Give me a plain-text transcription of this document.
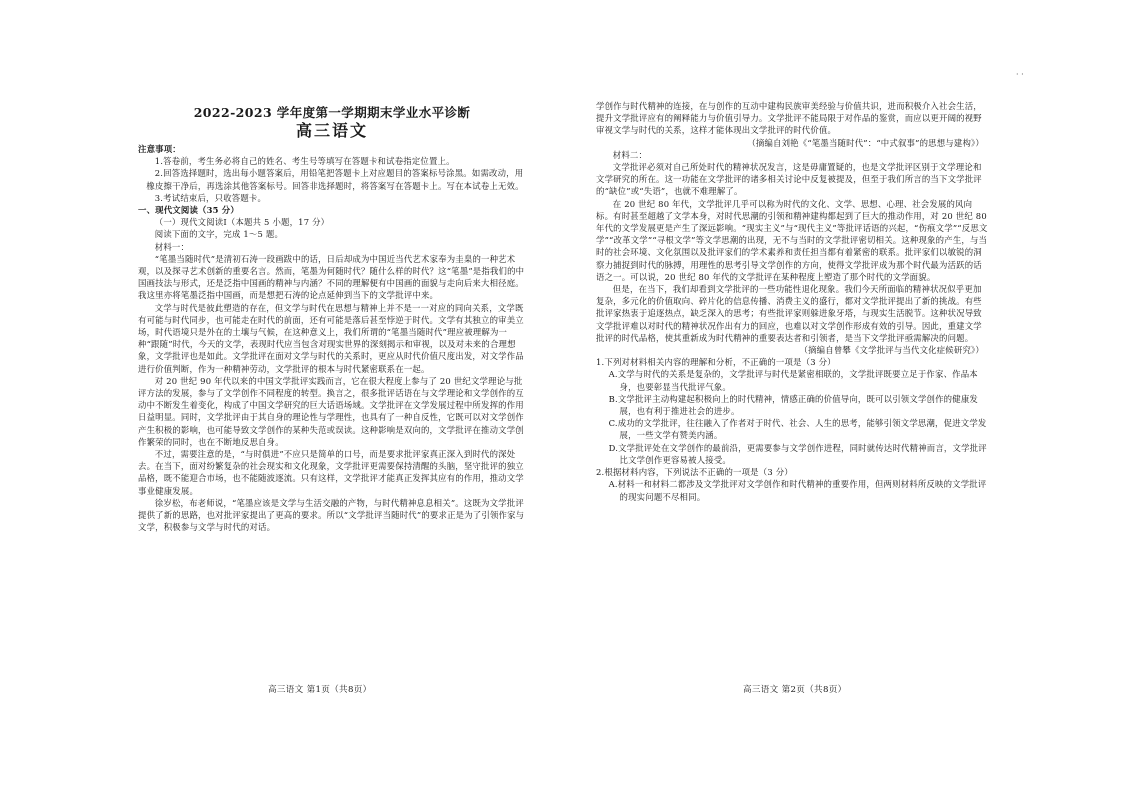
2022-2023 学年度第一学期期末学业水平诊断
高三语文
注意事项：

1.答卷前，考生务必将自己的姓名、考生号等填写在答题卡和试卷指定位置上。

2.回答选择题时，选出每小题答案后，用铅笔把答题卡上对应题目的答案标号涂黑。如需改动，用橡皮擦干净后，再选涂其他答案标号。回答非选择题时，将答案写在答题卡上。写在本试卷上无效。

3.考试结束后，只收答题卡。

一、现代文阅读（35 分）

（一）现代文阅读Ⅰ（本题共 5 小题，17 分）

阅读下面的文字，完成 1～5 题。

材料一：

“笔墨当随时代”是清初石涛一段画跋中的话，日后却成为中国近当代艺术家奉为圭臬的一种艺术观，以及探寻艺术创新的重要名言。然而，笔墨为何随时代？随什么样的时代？这“笔墨”是指我们的中国画技法与形式，还是泛指中国画的精神与内涵？不同的理解便有中国画的面貌与走向后来大相径庭。我这里亦将笔墨泛指中国画，而是想把石涛的论点延伸到当下的文学批评中来。

文学与时代是彼此塑造的存在，但文学与时代在思想与精神上并不是一一对应的同向关系，文学既有可能与时代同步，也可能走在时代的前面，还有可能是落后甚至悖逆于时代。文学有其独立的审美立场，时代语境只是外在的土壤与气候，在这种意义上，我们所谓的“笔墨当随时代”理应被理解为一种“跟随”时代，今天的文学，表现时代应当包含对现实世界的深刻揭示和审视，以及对未来的合理想象，文学批评也是如此。文学批评在面对文学与时代的关系时，更应从时代价值尺度出发，对文学作品进行价值判断，作为一种精神劳动，文学批评的根本与时代紧密联系在一起。

对 20 世纪 90 年代以来的中国文学批评实践而言，它在很大程度上参与了 20 世纪文学理论与批评方法的发展，参与了文学创作不同程度的转型。换言之，很多批评话语在与文学理论和文学创作的互动中不断发生着变化，构成了中国文学研究的巨大话语场域。文学批评在文学发展过程中所发挥的作用日益明显。同时，文学批评由于其自身的理论性与学理性，也具有了一种自反性，它既可以对文学创作产生积极的影响，也可能导致文学创作的某种失范或误读。这种影响是双向的，文学批评在推动文学创作繁荣的同时，也在不断地反思自身。

不过，需要注意的是，“与时俱进”不应只是简单的口号，而是要求批评家真正深入到时代的深处去。在当下，面对纷繁复杂的社会现实和文化现象，文学批评更需要保持清醒的头脑，坚守批评的独立品格，既不能迎合市场，也不能随波逐流。只有这样，文学批评才能真正发挥其应有的作用，推动文学事业健康发展。

徐岁松，布老师说，“笔墨应该是文学与生活交融的产物，与时代精神息息相关”。这既为文学批评提供了新的思路，也对批评家提出了更高的要求。所以“文学批评当随时代”的要求正是为了引领作家与文学，积极参与文学与时代的对话。

学创作与时代精神的连接，在与创作的互动中建构民族审美经验与价值共识，进而积极介入社会生活，提升文学批评应有的阐释能力与价值引导力。文学批评不能局限于对作品的鉴赏，而应以更开阔的视野审视文学与时代的关系，这样才能体现出文学批评的时代价值。

（摘编自刘艳《“笔墨当随时代”：“中式叙事”的思想与建构》）

材料二：

文学批评必须对自己所处时代的精神状况发言，这是毋庸置疑的，也是文学批评区别于文学理论和文学研究的所在。这一功能在文学批评的诸多相关讨论中反复被提及，但至于我们所言的当下文学批评的“缺位”或“失语”，也就不难理解了。

在 20 世纪 80 年代，文学批评几乎可以称为时代的文化、文学、思想、心理、社会发展的风向标。有时甚至超越了文学本身，对时代思潮的引领和精神建构都起到了巨大的推动作用，对 20 世纪 80 年代的文学发展更是产生了深远影响。“现实主义”与“现代主义”等批评话语的兴起，“伤痕文学”“反思文学”“改革文学”“寻根文学”等文学思潮的出现，无不与当时的文学批评密切相关。这种现象的产生，与当时的社会环境、文化氛围以及批评家们的学术素养和责任担当都有着紧密的联系。批评家们以敏锐的洞察力捕捉到时代的脉搏，用理性的思考引导文学创作的方向，使得文学批评成为那个时代最为活跃的话语之一。可以说，20 世纪 80 年代的文学批评在某种程度上塑造了那个时代的文学面貌。

但是，在当下，我们却看到文学批评的一些功能性退化现象。我们今天所面临的精神状况似乎更加复杂，多元化的价值取向、碎片化的信息传播、消费主义的盛行，都对文学批评提出了新的挑战。有些批评家热衷于追逐热点，缺乏深入的思考；有些批评家则躲进象牙塔，与现实生活脱节。这种状况导致文学批评难以对时代的精神状况作出有力的回应，也难以对文学创作形成有效的引导。因此，重建文学批评的时代品格，使其重新成为时代精神的重要表达者和引领者，是当下文学批评亟需解决的问题。

（摘编自曾攀《文学批评与当代文化症候研究》）

1.下列对材料相关内容的理解和分析，不正确的一项是（3 分）

A.文学与时代的关系是复杂的，文学批评与时代是紧密相联的，文学批评既要立足于作家、作品本身，也要彰显当代批评气象。

B.文学批评主动构建起积极向上的时代精神，情感正确的价值导向，既可以引领文学创作的健康发展，也有利于推进社会的进步。

C.成功的文学批评，往往融入了作者对于时代、社会、人生的思考，能够引领文学思潮，促进文学发展，一些文学有赞美内涵。

D.文学批评处在文学创作的最前沿，更需要参与文学创作进程，同时就传达时代精神而言，文学批评比文学创作更容易被人接受。

2.根据材料内容，下列说法不正确的一项是（3 分）

A.材料一和材料二都涉及文学批评对文学创作和时代精神的重要作用，但两则材料所反映的文学批评的现实问题不尽相同。

高三语文 第1页（共8页）	高三语文 第2页（共8页）
· ·
